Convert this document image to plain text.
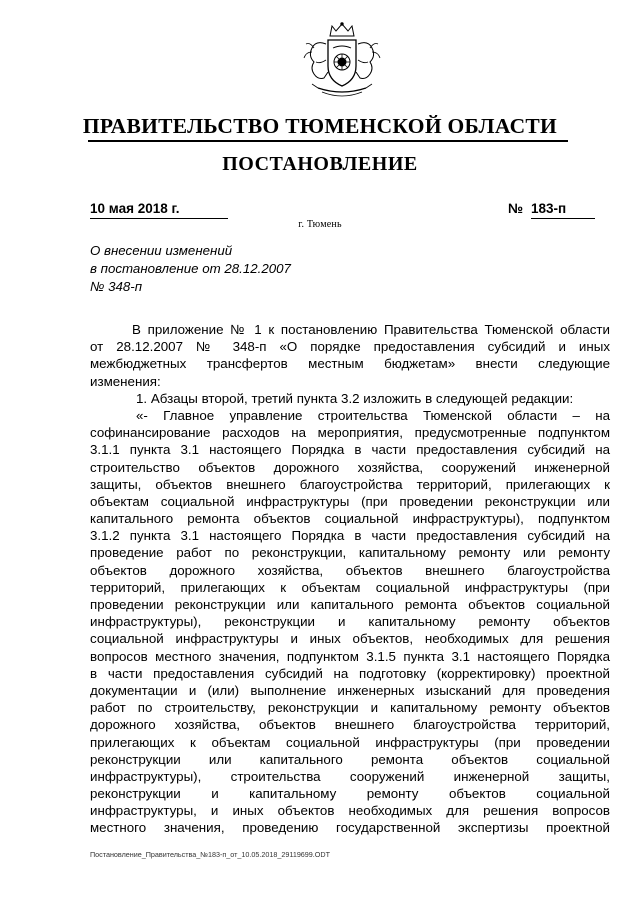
ПРАВИТЕЛЬСТВО ТЮМЕНСКОЙ ОБЛАСТИ
ПОСТАНОВЛЕНИЕ
10 мая 2018 г.	№ 183-п
г. Тюмень
О внесении изменений
в постановление от 28.12.2007
№ 348-п
В приложение № 1 к постановлению Правительства Тюменской области
от 28.12.2007 № 348-п «О порядке предоставления субсидий и иных
межбюджетных трансфертов местным бюджетам» внести следующие
изменения:
1. Абзацы второй, третий пункта 3.2 изложить в следующей редакции:
«- Главное управление строительства Тюменской области – на
софинансирование расходов на мероприятия, предусмотренные подпунктом
3.1.1 пункта 3.1 настоящего Порядка в части предоставления субсидий на
строительство объектов дорожного хозяйства, сооружений инженерной
защиты, объектов внешнего благоустройства территорий, прилегающих к
объектам социальной инфраструктуры (при проведении реконструкции или
капитального ремонта объектов социальной инфраструктуры), подпунктом
3.1.2 пункта 3.1 настоящего Порядка в части предоставления субсидий на
проведение работ по реконструкции, капитальному ремонту или ремонту
объектов дорожного хозяйства, объектов внешнего благоустройства
территорий, прилегающих к объектам социальной инфраструктуры (при
проведении реконструкции или капитального ремонта объектов социальной
инфраструктуры), реконструкции и капитальному ремонту объектов
социальной инфраструктуры и иных объектов, необходимых для решения
вопросов местного значения, подпунктом 3.1.5 пункта 3.1 настоящего Порядка
в части предоставления субсидий на подготовку (корректировку) проектной
документации и (или) выполнение инженерных изысканий для проведения
работ по строительству, реконструкции и капитальному ремонту объектов
дорожного хозяйства, объектов внешнего благоустройства территорий,
прилегающих к объектам социальной инфраструктуры (при проведении
реконструкции или капитального ремонта объектов социальной
инфраструктуры), строительства сооружений инженерной защиты,
реконструкции и капитальному ремонту объектов социальной
инфраструктуры, и иных объектов необходимых для решения вопросов
местного значения, проведению государственной экспертизы проектной
Постановление_Правительства_№183-п_от_10.05.2018_29119699.ODT
